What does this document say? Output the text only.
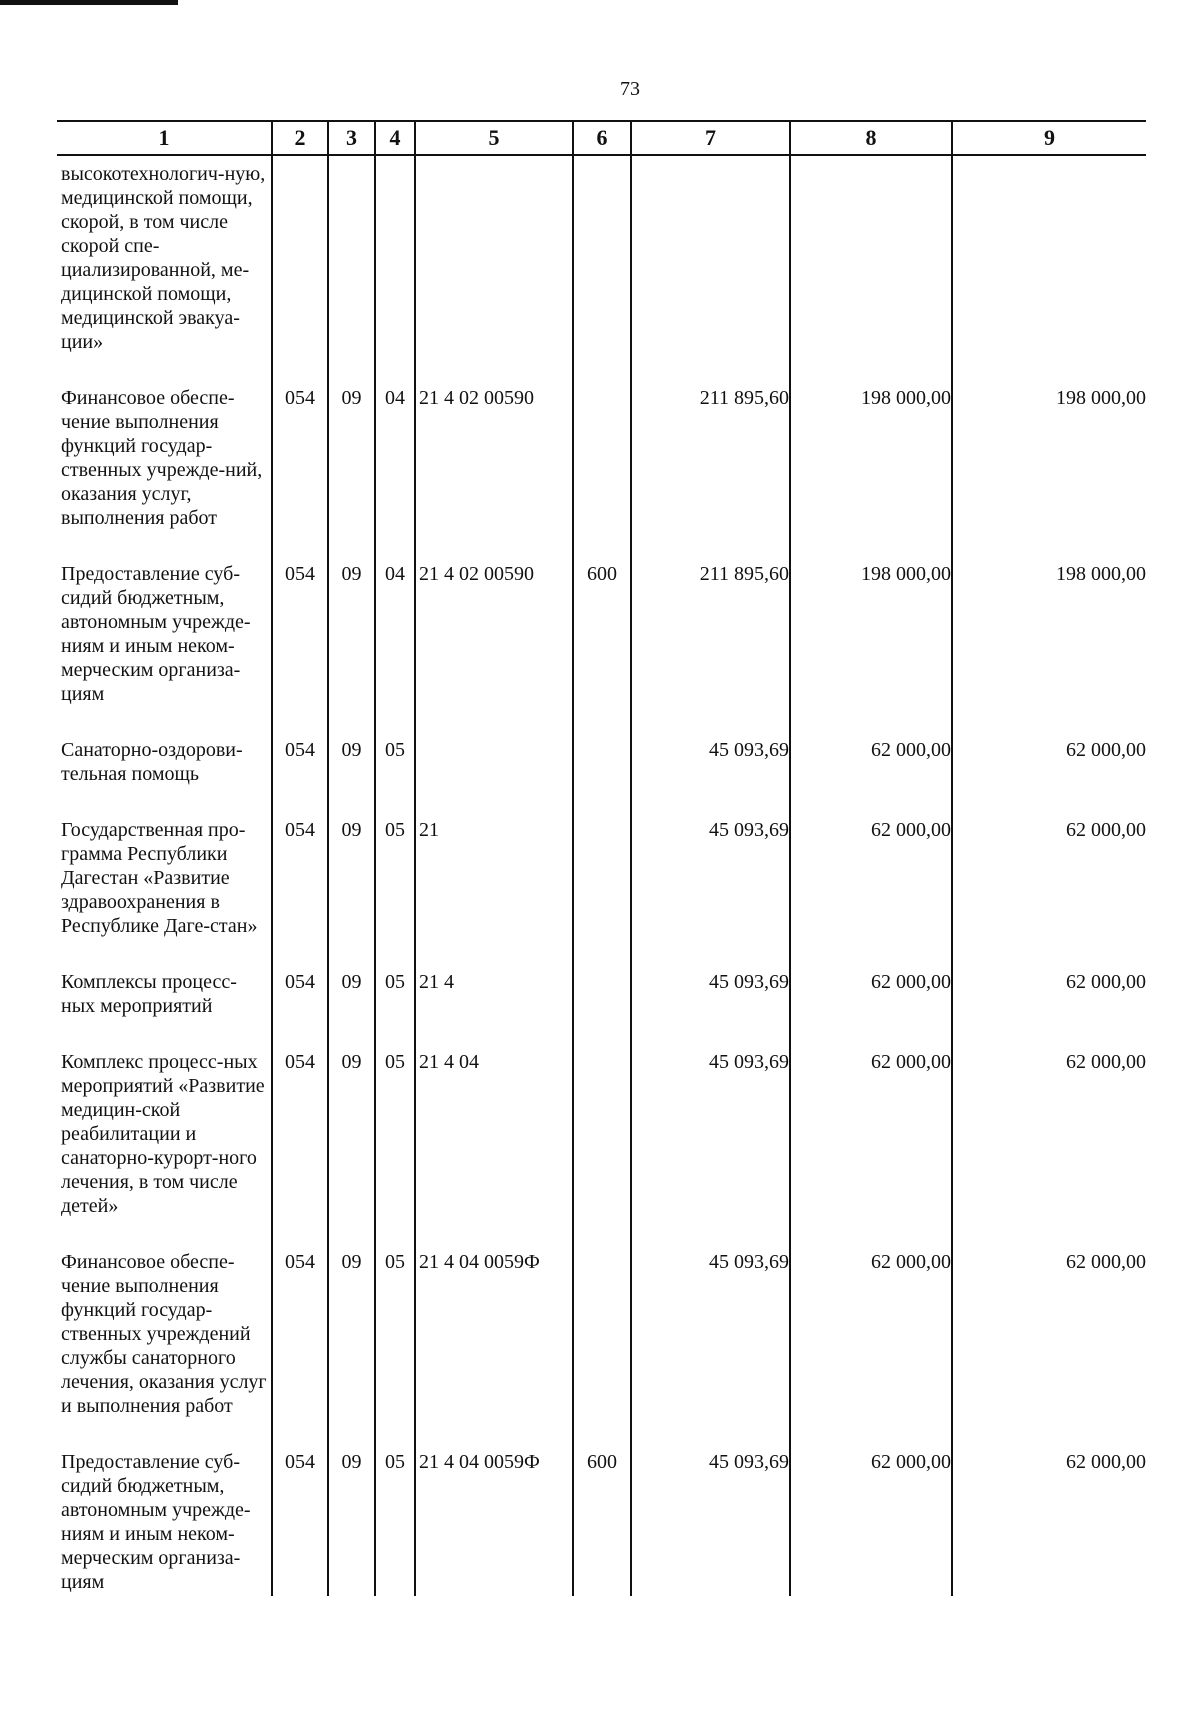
73
1	2	3	4	5	6	7	8	9
высокотехнологич-ную, медицинской помощи, скорой, в том числе скорой спе-циализированной, ме-дицинской помощи, медицинской эвакуа-ции»								
Финансовое обеспе-чение выполнения функций государ-ственных учрежде-ний, оказания услуг, выполнения работ	054	09	04	21 4 02 00590		211 895,60	198 000,00	198 000,00
Предоставление суб-сидий бюджетным, автономным учрежде-ниям и иным неком-мерческим организа-циям	054	09	04	21 4 02 00590	600	211 895,60	198 000,00	198 000,00
Санаторно-оздорови-тельная помощь	054	09	05			45 093,69	62 000,00	62 000,00
Государственная про-грамма Республики Дагестан «Развитие здравоохранения в Республике Даге-стан»	054	09	05	21		45 093,69	62 000,00	62 000,00
Комплексы процесс-ных мероприятий	054	09	05	21 4		45 093,69	62 000,00	62 000,00
Комплекс процесс-ных мероприятий «Развитие медицин-ской реабилитации и санаторно-курорт-ного лечения, в том числе детей»	054	09	05	21 4 04		45 093,69	62 000,00	62 000,00
Финансовое обеспе-чение выполнения функций государ-ственных учреждений службы санаторного лечения, оказания услуг и выполнения работ	054	09	05	21 4 04 0059Ф		45 093,69	62 000,00	62 000,00
Предоставление суб-сидий бюджетным, автономным учрежде-ниям и иным неком-мерческим организа-циям	054	09	05	21 4 04 0059Ф	600	45 093,69	62 000,00	62 000,00
